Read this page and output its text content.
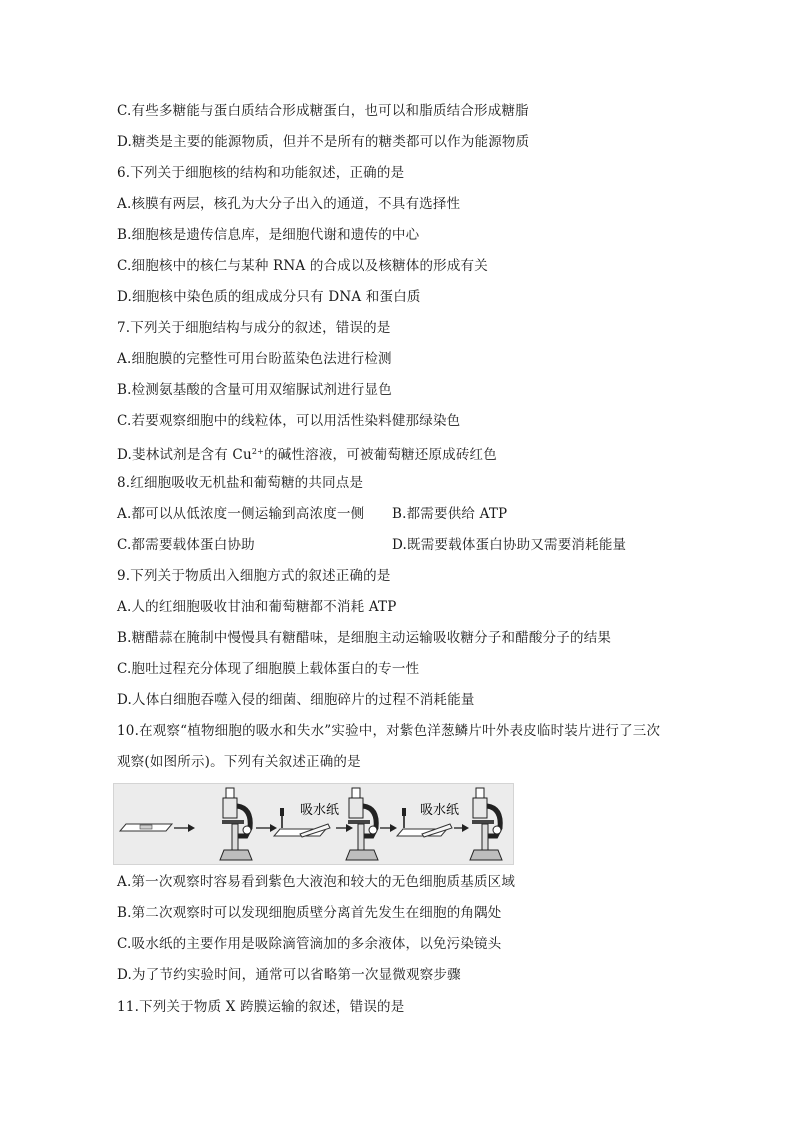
C.有些多糖能与蛋白质结合形成糖蛋白，也可以和脂质结合形成糖脂
D.糖类是主要的能源物质，但并不是所有的糖类都可以作为能源物质
6.下列关于细胞核的结构和功能叙述，正确的是
A.核膜有两层，核孔为大分子出入的通道，不具有选择性
B.细胞核是遗传信息库，是细胞代谢和遗传的中心
C.细胞核中的核仁与某种 RNA 的合成以及核糖体的形成有关
D.细胞核中染色质的组成成分只有 DNA 和蛋白质
7.下列关于细胞结构与成分的叙述，错误的是
A.细胞膜的完整性可用台盼蓝染色法进行检测
B.检测氨基酸的含量可用双缩脲试剂进行显色
C.若要观察细胞中的线粒体，可以用活性染料健那绿染色
D.斐林试剂是含有 $Cu^{2+}$的碱性溶液，可被葡萄糖还原成砖红色
8.红细胞吸收无机盐和葡萄糖的共同点是
A.都可以从低浓度一侧运输到高浓度一侧 B.都需要供给 ATP
C.都需要载体蛋白协助	D.既需要载体蛋白协助又需要消耗能量
9.下列关于物质出入细胞方式的叙述正确的是
A.人的红细胞吸收甘油和葡萄糖都不消耗 ATP
B.糖醋蒜在腌制中慢慢具有糖醋味，是细胞主动运输吸收糖分子和醋酸分子的结果
C.胞吐过程充分体现了细胞膜上载体蛋白的专一性
D.人体白细胞吞噬入侵的细菌、细胞碎片的过程不消耗能量
10.在观察“植物细胞的吸水和失水”实验中，对紫色洋葱鳞片叶外表皮临时装片进行了三次
观察(如图所示)。下列有关叙述正确的是
吸水纸	吸水纸
A.第一次观察时容易看到紫色大液泡和较大的无色细胞质基质区域
B.第二次观察时可以发现细胞质壁分离首先发生在细胞的角隅处
C.吸水纸的主要作用是吸除滴管滴加的多余液体，以免污染镜头
D.为了节约实验时间，通常可以省略第一次显微观察步骤
11.下列关于物质 X 跨膜运输的叙述，错误的是
